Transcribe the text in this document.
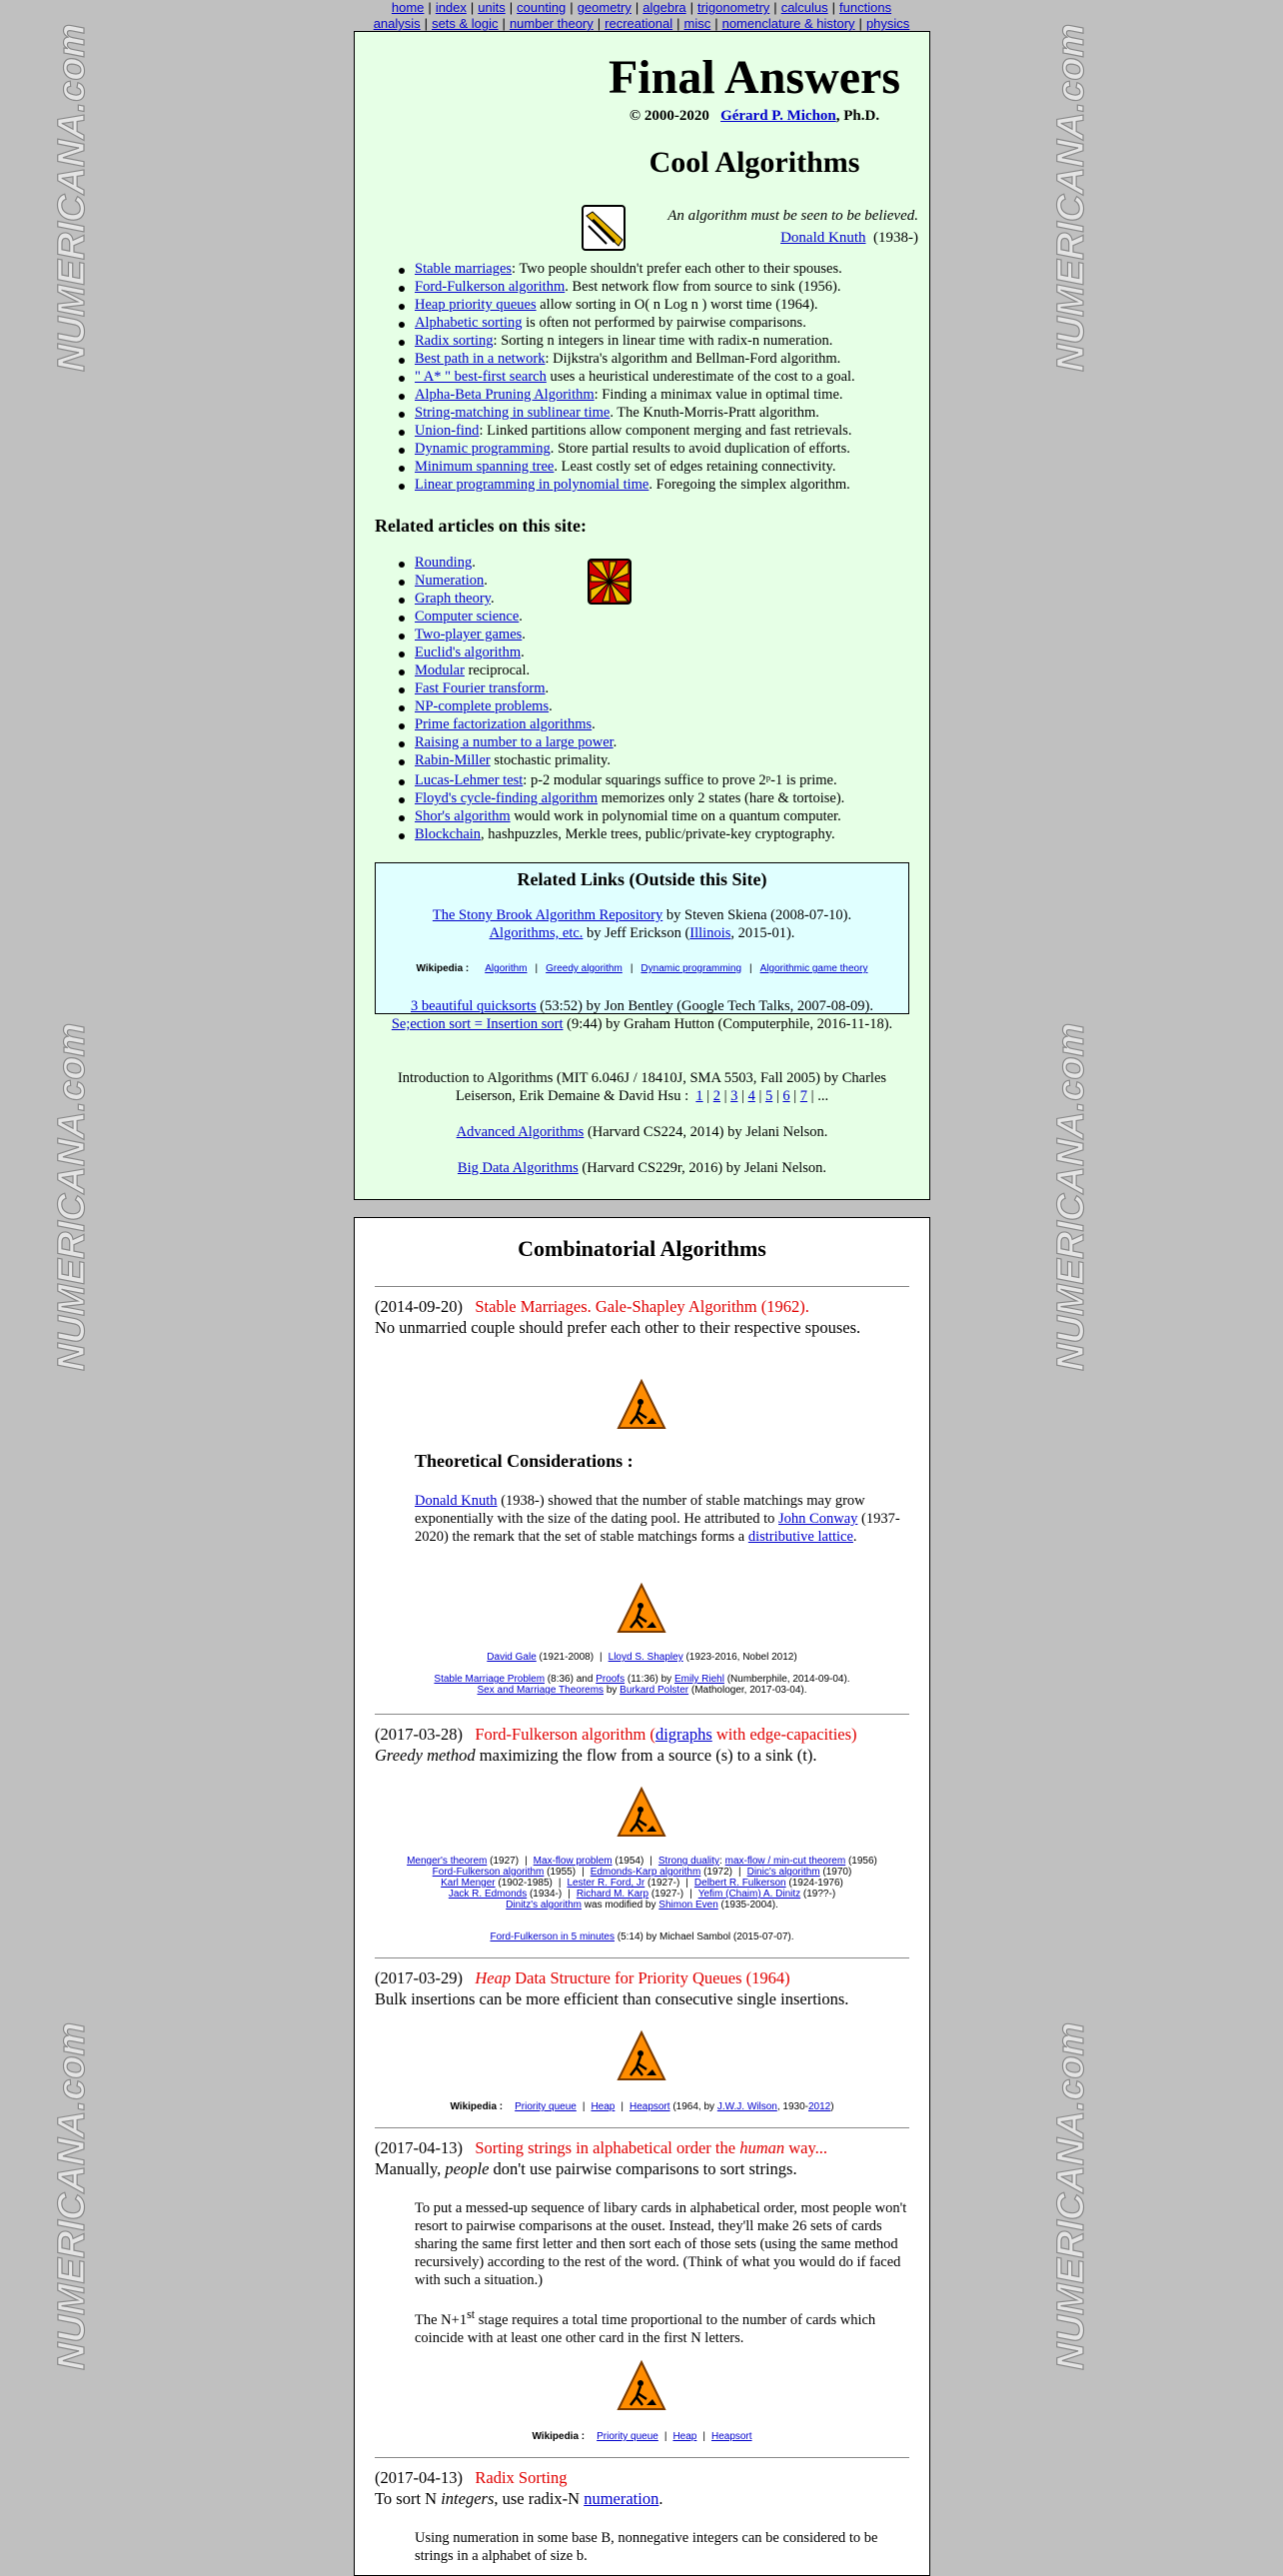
home | index | units | counting | geometry | algebra | trigonometry | calculus | functions
analysis | sets & logic | number theory | recreational | misc | nomenclature & history | physics
NUMERICANA.com	NUMERICANA.com
NUMERICANA.com	NUMERICANA.com
NUMERICANA.com	NUMERICANA.com
Final Answers
© 2000-2020 Gérard P. Michon, Ph.D.
Cool Algorithms
An algorithm must be seen to be believed.
Donald Knuth (1938-)
Stable marriages: Two people shouldn't prefer each other to their spouses.
Ford-Fulkerson algorithm. Best network flow from source to sink (1956).
Heap priority queues allow sorting in O( n Log n ) worst time (1964).
Alphabetic sorting is often not performed by pairwise comparisons.
Radix sorting: Sorting n integers in linear time with radix-n numeration.
Best path in a network: Dijkstra's algorithm and Bellman-Ford algorithm.
" A* " best-first search uses a heuristical underestimate of the cost to a goal.
Alpha-Beta Pruning Algorithm: Finding a minimax value in optimal time.
String-matching in sublinear time. The Knuth-Morris-Pratt algorithm.
Union-find: Linked partitions allow component merging and fast retrievals.
Dynamic programming. Store partial results to avoid duplication of efforts.
Minimum spanning tree. Least costly set of edges retaining connectivity.
Linear programming in polynomial time. Foregoing the simplex algorithm.
Related articles on this site:
Rounding.
Numeration.
Graph theory.
Computer science.
Two-player games.
Euclid's algorithm.
Modular reciprocal.
Fast Fourier transform.
NP-complete problems.
Prime factorization algorithms.
Raising a number to a large power.
Rabin-Miller stochastic primality.
Lucas-Lehmer test: p-2 modular squarings suffice to prove 2ᵖ-1 is prime.
Floyd's cycle-finding algorithm memorizes only 2 states (hare & tortoise).
Shor's algorithm would work in polynomial time on a quantum computer.
Blockchain, hashpuzzles, Merkle trees, public/private-key cryptography.
Related Links (Outside this Site)
The Stony Brook Algorithm Repository by Steven Skiena (2008-07-10).
Algorithms, etc. by Jeff Erickson (Illinois, 2015-01).
Wikipedia : Algorithm | Greedy algorithm | Dynamic programming | Algorithmic game theory
3 beautiful quicksorts (53:52) by Jon Bentley (Google Tech Talks, 2007-08-09).
Se;ection sort = Insertion sort (9:44) by Graham Hutton (Computerphile, 2016-11-18).
Introduction to Algorithms (MIT 6.046J / 18410J, SMA 5503, Fall 2005) by Charles Leiserson, Erik Demaine & David Hsu : 1 | 2 | 3 | 4 | 5 | 6 | 7 | ...
Advanced Algorithms (Harvard CS224, 2014) by Jelani Nelson.
Big Data Algorithms (Harvard CS229r, 2016) by Jelani Nelson.
Combinatorial Algorithms
(2014-09-20) Stable Marriages. Gale-Shapley Algorithm (1962).
No unmarried couple should prefer each other to their respective spouses.
Theoretical Considerations :
Donald Knuth (1938-) showed that the number of stable matchings may grow exponentially with the size of the dating pool. He attributed to John Conway (1937-2020) the remark that the set of stable matchings forms a distributive lattice.
David Gale (1921-2008) | Lloyd S. Shapley (1923-2016, Nobel 2012)
Stable Marriage Problem (8:36) and Proofs (11:36) by Emily Riehl (Numberphile, 2014-09-04).
Sex and Marriage Theorems by Burkard Polster (Mathologer, 2017-03-04).
(2017-03-28) Ford-Fulkerson algorithm (digraphs with edge-capacities)
Greedy method maximizing the flow from a source (s) to a sink (t).
Menger's theorem (1927) | Max-flow problem (1954) | Strong duality: max-flow / min-cut theorem (1956)
Ford-Fulkerson algorithm (1955) | Edmonds-Karp algorithm (1972) | Dinic's algorithm (1970)
Karl Menger (1902-1985) | Lester R. Ford, Jr (1927-) | Delbert R. Fulkerson (1924-1976)
Jack R. Edmonds (1934-) | Richard M. Karp (1927-) | Yefim (Chaim) A. Dinitz (19??-)
Dinitz's algorithm was modified by Shimon Even (1935-2004).
Ford-Fulkerson in 5 minutes (5:14) by Michael Sambol (2015-07-07).
(2017-03-29) Heap Data Structure for Priority Queues (1964)
Bulk insertions can be more efficient than consecutive single insertions.
Wikipedia : Priority queue | Heap | Heapsort (1964, by J.W.J. Wilson, 1930-2012)
(2017-04-13) Sorting strings in alphabetical order the human way...
Manually, people don't use pairwise comparisons to sort strings.
To put a messed-up sequence of libary cards in alphabetical order, most people won't resort to pairwise comparisons at the ouset. Instead, they'll make 26 sets of cards sharing the same first letter and then sort each of those sets (using the same method recursively) according to the rest of the word. (Think of what you would do if faced with such a situation.)
The N+1st stage requires a total time proportional to the number of cards which coincide with at least one other card in the first N letters.
Wikipedia : Priority queue | Heap | Heapsort
(2017-04-13) Radix Sorting
To sort N integers, use radix-N numeration.
Using numeration in some base B, nonnegative integers can be considered to be strings in a alphabet of size b.
